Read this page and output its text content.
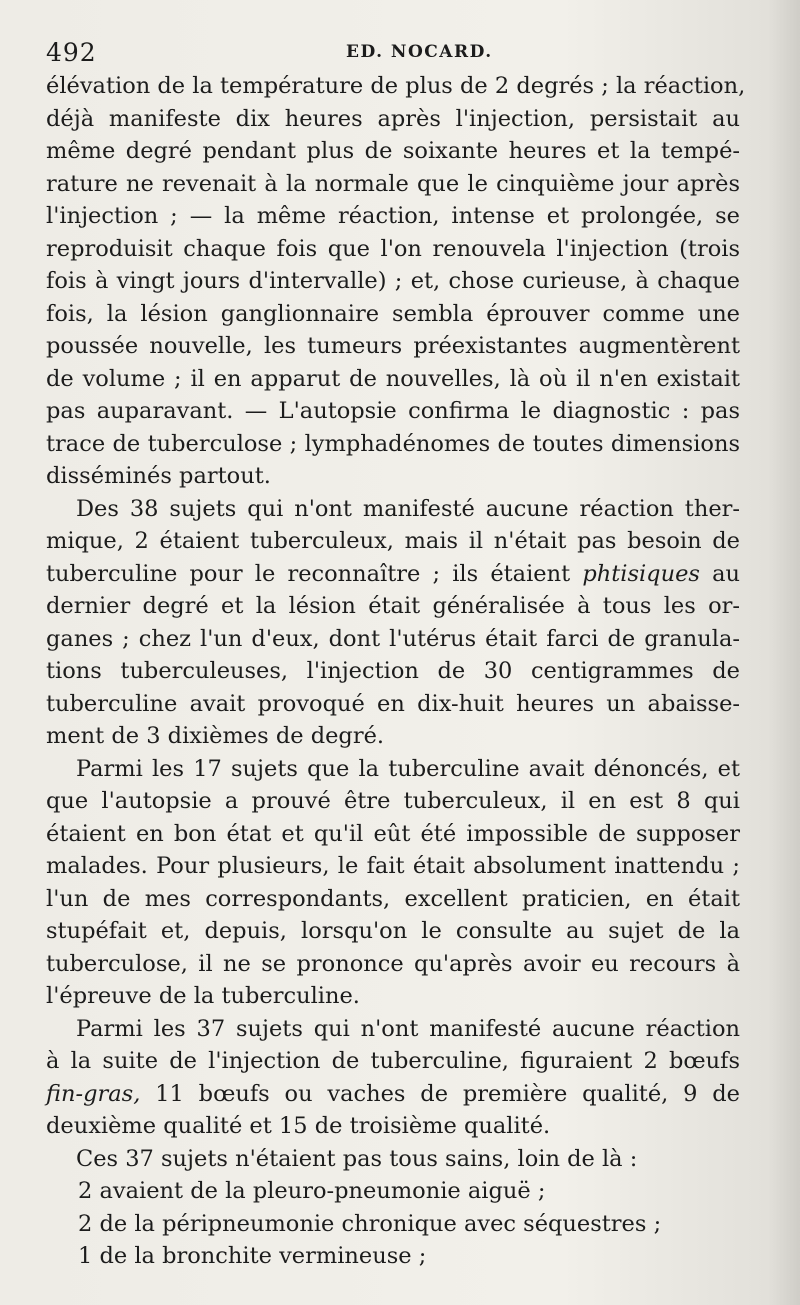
492	ED. NOCARD.
élévation de la température de plus de 2 degrés ; la réaction,
déjà manifeste dix heures après l'injection, persistait au
même degré pendant plus de soixante heures et la tempé-
rature ne revenait à la normale que le cinquième jour après
l'injection ; — la même réaction, intense et prolongée, se
reproduisit chaque fois que l'on renouvela l'injection (trois
fois à vingt jours d'intervalle) ; et, chose curieuse, à chaque
fois, la lésion ganglionnaire sembla éprouver comme une
poussée nouvelle, les tumeurs préexistantes augmentèrent
de volume ; il en apparut de nouvelles, là où il n'en existait
pas auparavant. — L'autopsie confirma le diagnostic : pas
trace de tuberculose ; lymphadénomes de toutes dimensions
disséminés partout.
Des 38 sujets qui n'ont manifesté aucune réaction ther-
mique, 2 étaient tuberculeux, mais il n'était pas besoin de
tuberculine pour le reconnaître ; ils étaient phtisiques au
dernier degré et la lésion était généralisée à tous les or-
ganes ; chez l'un d'eux, dont l'utérus était farci de granula-
tions tuberculeuses, l'injection de 30 centigrammes de
tuberculine avait provoqué en dix-huit heures un abaisse-
ment de 3 dixièmes de degré.
Parmi les 17 sujets que la tuberculine avait dénoncés, et
que l'autopsie a prouvé être tuberculeux, il en est 8 qui
étaient en bon état et qu'il eût été impossible de supposer
malades. Pour plusieurs, le fait était absolument inattendu ;
l'un de mes correspondants, excellent praticien, en était
stupéfait et, depuis, lorsqu'on le consulte au sujet de la
tuberculose, il ne se prononce qu'après avoir eu recours à
l'épreuve de la tuberculine.
Parmi les 37 sujets qui n'ont manifesté aucune réaction
à la suite de l'injection de tuberculine, figuraient 2 bœufs
fin-gras, 11 bœufs ou vaches de première qualité, 9 de
deuxième qualité et 15 de troisième qualité.
Ces 37 sujets n'étaient pas tous sains, loin de là :
2 avaient de la pleuro-pneumonie aiguë ;
2 de la péripneumonie chronique avec séquestres ;
1 de la bronchite vermineuse ;
